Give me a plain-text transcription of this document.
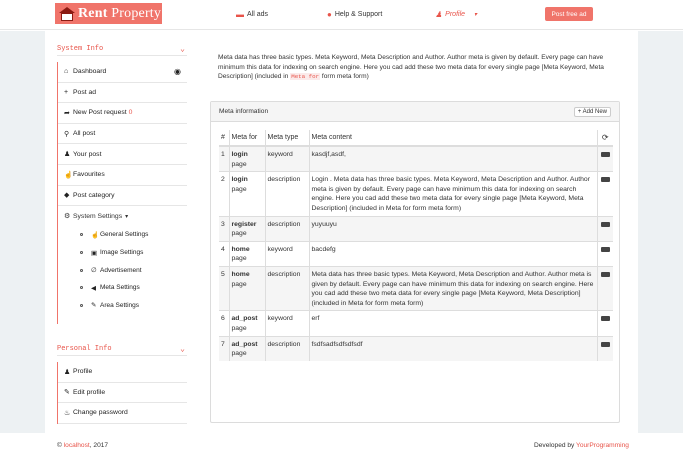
Rent Property	▬ All ads	● Help & Support	♟ Profile ▾	Post free ad
System Info	⌄
⌂ Dashboard	◉
+ Post ad
➦ New Post request 0
⚲ All post
♟ Your post
☝ Favourites
◆ Post category
⚙ System Settings ▾
☝ General Settings
▣ Image Settings
∅ Advertisement
◀ Meta Settings
✎ Area Settings
Personal Info	⌄
♟ Profile
✎ Edit profile
♨ Change password
Meta data has three basic types. Meta Keyword, Meta Description and Author. Author meta is given by default. Every page can have minimum this data for indexing on search engine. Here you cad add these two meta data for every single page [Meta Keyword, Meta Description] (included in Meta for form meta form)
Meta information	+ Add New
#	Meta for	Meta type	Meta content	⟳
1	login page	keyword	kasdjf,asdf,	
2	login page	description	Login . Meta data has three basic types. Meta Keyword, Meta Description and Author. Author meta is given by default. Every page can have minimum this data for indexing on search engine. Here you cad add these two meta data for every single page [Meta Keyword, Meta Description] (included in Meta for form meta form)	
3	register page	description	yuyuuyu	
4	home page	keyword	bacdefg	
5	home page	description	Meta data has three basic types. Meta Keyword, Meta Description and Author. Author meta is given by default. Every page can have minimum this data for indexing on search engine. Here you cad add these two meta data for every single page [Meta Keyword, Meta Description] (included in Meta for form meta form)	
6	ad_post page	keyword	erf	
7	ad_post page	description	fsdfsadfsdfsdfsdf	
© localhost, 2017	Developed by YourProgramming
